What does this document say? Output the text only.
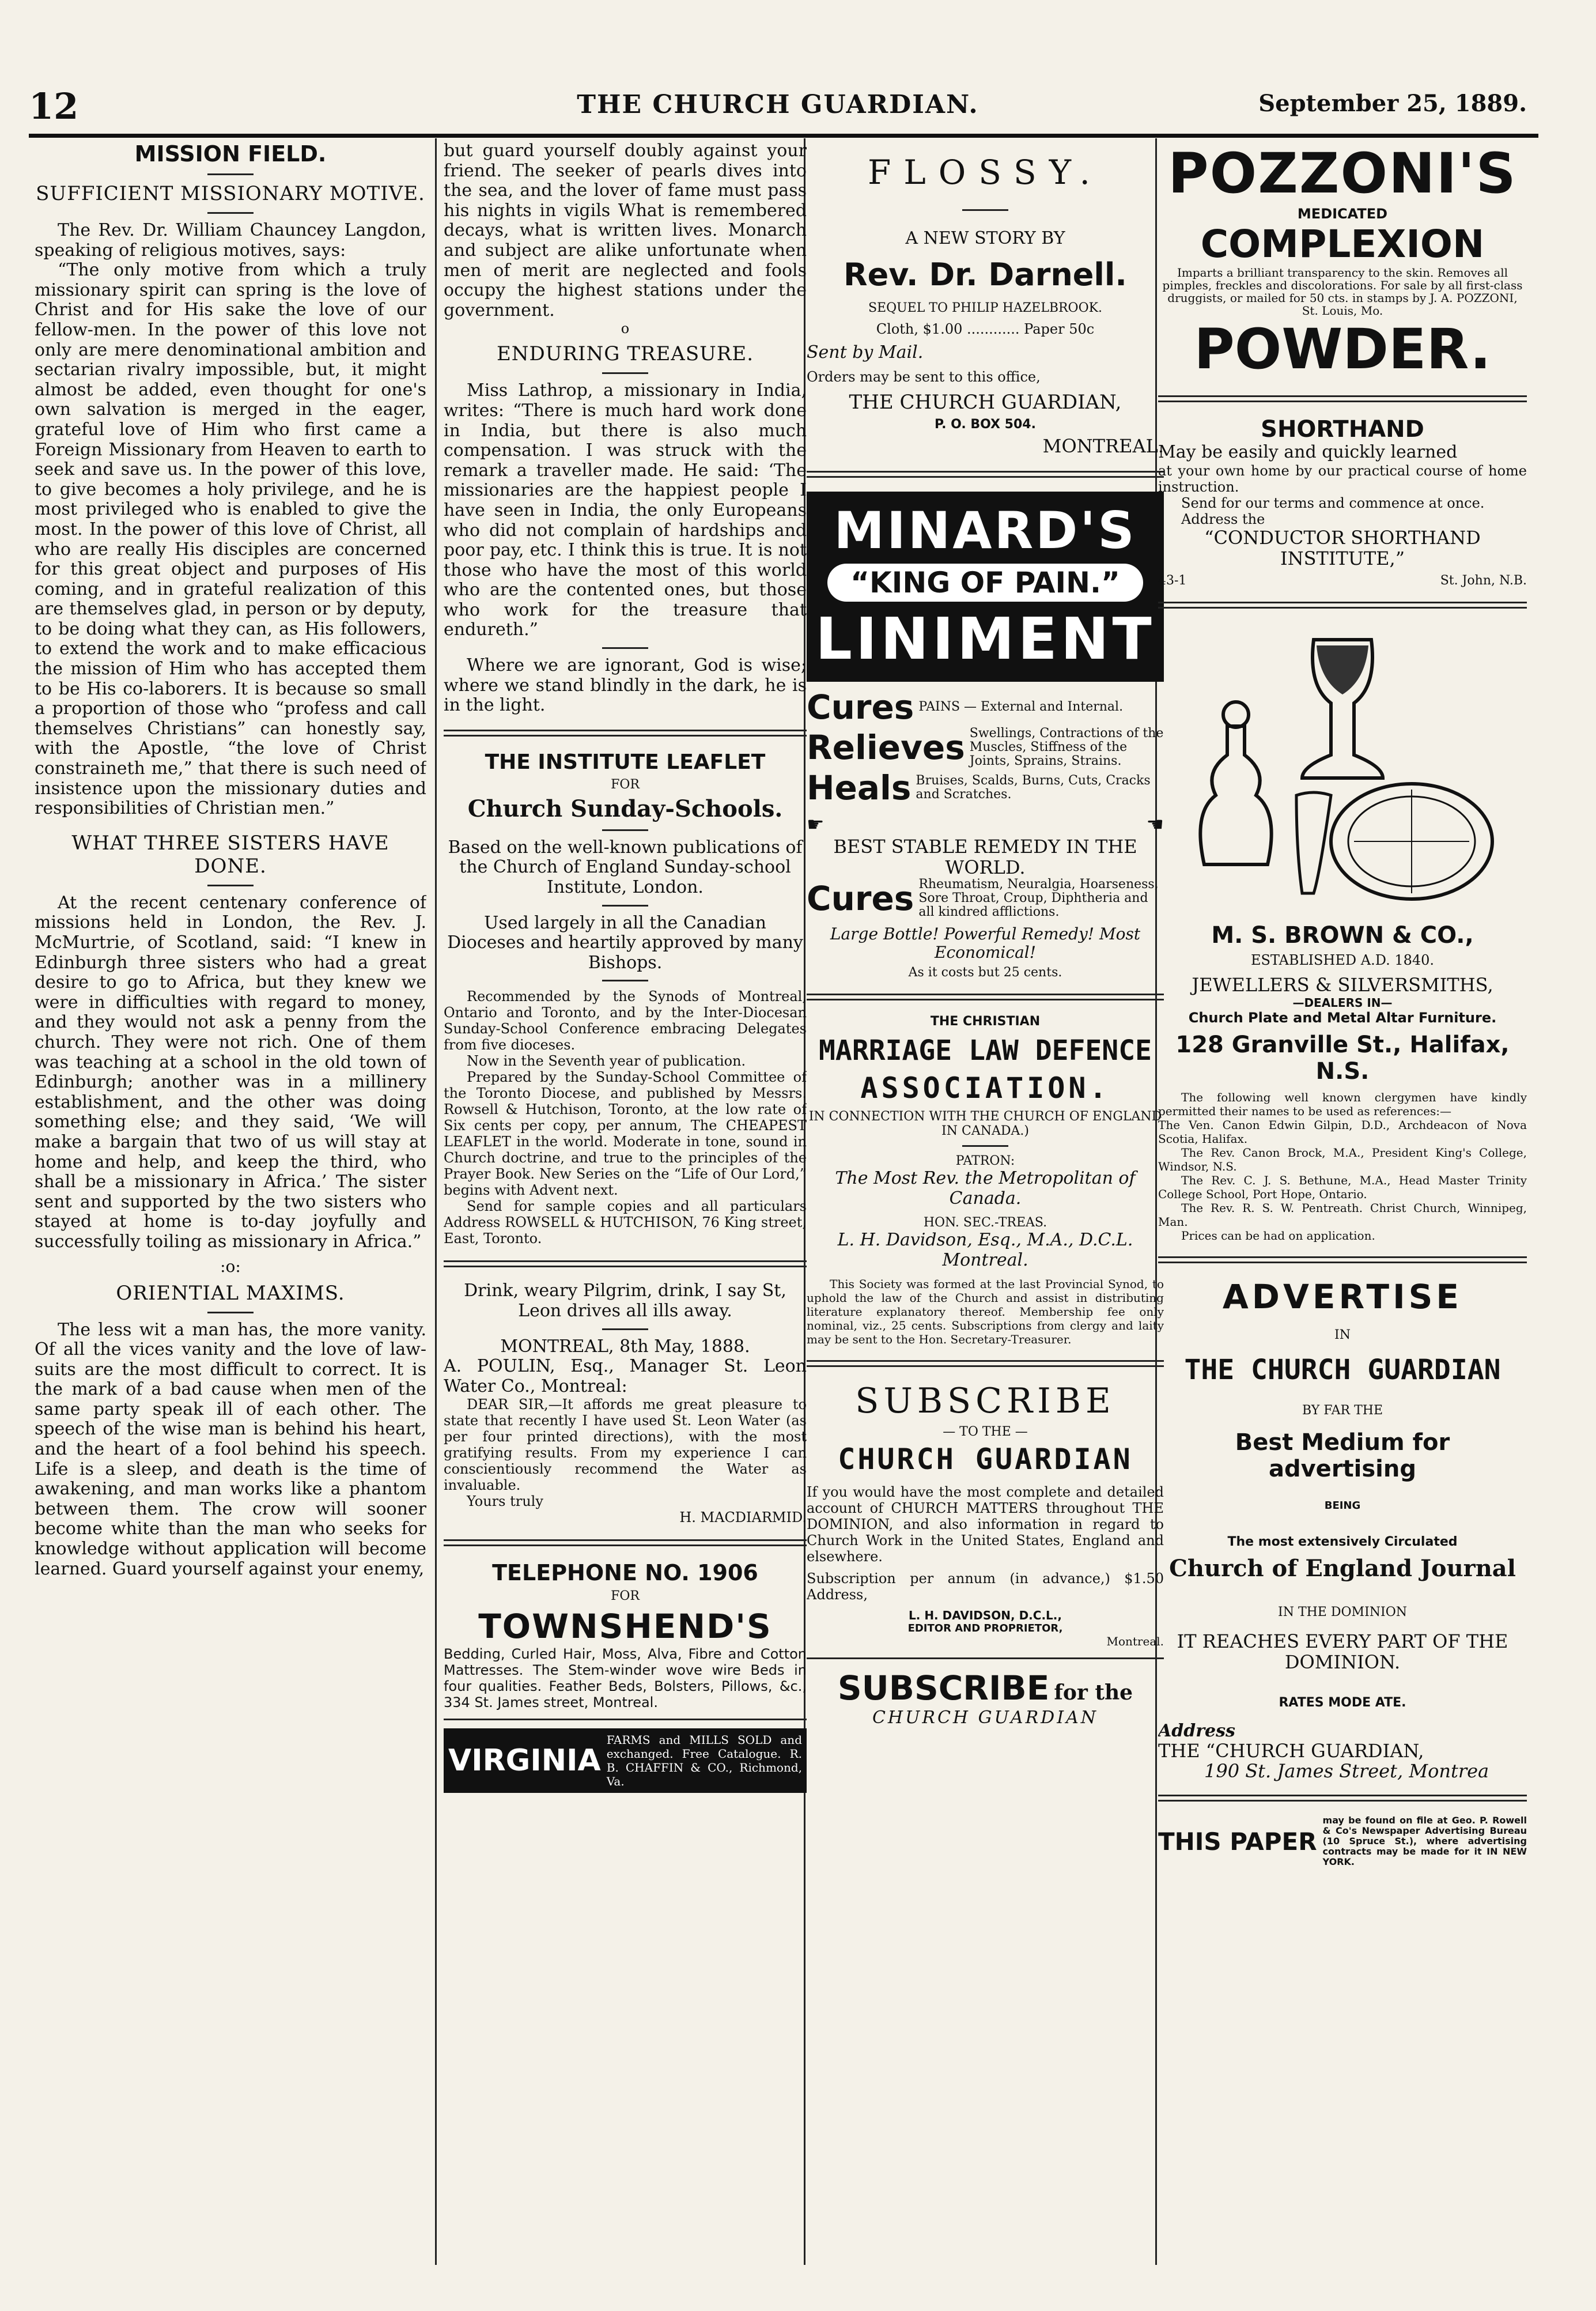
12	THE CHURCH GUARDIAN.	September 25, 1889.
MISSION FIELD.
SUFFICIENT MISSIONARY MOTIVE.

The Rev. Dr. William Chauncey Langdon, speaking of religious motives, says:

“The only motive from which a truly missionary spirit can spring is the love of Christ and for His sake the love of our fellow-men. In the power of this love not only are mere denominational ambition and sectarian rivalry impossible, but, it might almost be added, even thought for one's own salvation is merged in the eager, grateful love of Him who first came a Foreign Missionary from Heaven to earth to seek and save us. In the power of this love, to give becomes a holy privilege, and he is most privileged who is enabled to give the most. In the power of this love of Christ, all who are really His disciples are concerned for this great object and purposes of His coming, and in grateful realization of this are themselves glad, in person or by deputy, to be doing what they can, as His followers, to extend the work and to make efficacious the mission of Him who has accepted them to be His co-laborers. It is because so small a proportion of those who “profess and call themselves Christians” can honestly say, with the Apostle, “the love of Christ constraineth me,” that there is such need of insistence upon the missionary duties and responsibilities of Christian men.”

WHAT THREE SISTERS HAVE DONE.

At the recent centenary conference of missions held in London, the Rev. J. McMurtrie, of Scotland, said: “I knew in Edinburgh three sisters who had a great desire to go to Africa, but they knew we were in difficulties with regard to money, and they would not ask a penny from the church. They were not rich. One of them was teaching at a school in the old town of Edinburgh; another was in a millinery establishment, and the other was doing something else; and they said, ‘We will make a bargain that two of us will stay at home and help, and keep the third, who shall be a missionary in Africa.’ The sister sent and supported by the two sisters who stayed at home is to-day joyfully and successfully toiling as missionary in Africa.”

:o:
ORIENTIAL MAXIMS.

The less wit a man has, the more vanity. Of all the vices vanity and the love of law-suits are the most difficult to correct. It is the mark of a bad cause when men of the same party speak ill of each other. The speech of the wise man is behind his heart, and the heart of a fool behind his speech. Life is a sleep, and death is the time of awakening, and man works like a phantom between them. The crow will sooner become white than the man who seeks for knowledge without application will become learned. Guard yourself against your enemy,

but guard yourself doubly against your friend. The seeker of pearls dives into the sea, and the lover of fame must pass his nights in vigils What is remembered decays, what is written lives. Monarch and subject are alike unfortunate when men of merit are neglected and fools occupy the highest stations under the government.

o
ENDURING TREASURE.

Miss Lathrop, a missionary in India, writes: “There is much hard work done in India, but there is also much compensation. I was struck with the remark a traveller made. He said: ‘The missionaries are the happiest people I have seen in India, the only Europeans who did not complain of hardships and poor pay, etc. I think this is true. It is not those who have the most of this world who are the contented ones, but those who work for the treasure that endureth.”

Where we are ignorant, God is wise; where we stand blindly in the dark, he is in the light.

THE INSTITUTE LEAFLET
FOR
Church Sunday-Schools.

Based on the well-known publications of the Church of England Sunday-school Institute, London.

Used largely in all the Canadian Dioceses and heartily approved by many Bishops.

Recommended by the Synods of Montreal, Ontario and Toronto, and by the Inter-Diocesan Sunday-School Conference embracing Delegates from five dioceses.

Now in the Seventh year of publication.

Prepared by the Sunday-School Committee of the Toronto Diocese, and published by Messrs. Rowsell & Hutchison, Toronto, at the low rate of Six cents per copy, per annum, The CHEAPEST LEAFLET in the world. Moderate in tone, sound in Church doctrine, and true to the principles of the Prayer Book. New Series on the “Life of Our Lord,” begins with Advent next.

Send for sample copies and all particulars Address ROWSELL & HUTCHISON, 76 King street, East, Toronto.

Drink, weary Pilgrim, drink, I say St, Leon drives all ills away.

MONTREAL, 8th May, 1888.

A. POULIN, Esq., Manager St. Leon Water Co., Montreal:

DEAR SIR,—It affords me great pleasure to state that recently I have used St. Leon Water (as per four printed directions), with the most gratifying results. From my experience I can conscientiously recommend the Water as invaluable.

Yours truly

H. MACDIARMID.

TELEPHONE NO. 1906
FOR
TOWNSHEND'S

Bedding, Curled Hair, Moss, Alva, Fibre and Cotton Mattresses. The Stem-winder wove wire Beds in four qualities. Feather Beds, Bolsters, Pillows, &c., 334 St. James street, Montreal.

VIRGINIA
FARMS and MILLS SOLD and exchanged. Free Catalogue. R. B. CHAFFIN & CO., Richmond, Va.
FLOSSY.
A NEW STORY BY
Rev. Dr. Darnell.
SEQUEL TO PHILIP HAZELBROOK.
Cloth, $1.00 ............ Paper 50c

Sent by Mail.

Orders may be sent to this office,

THE CHURCH GUARDIAN,
P. O. BOX 504.
MONTREAL.
MINARD'S
“KING OF PAIN.”
LINIMENT
Cures PAINS — External and Internal.
Relieves Swellings, Contractions of the Muscles, Stiffness of the Joints, Sprains, Strains.
Heals Bruises, Scalds, Burns, Cuts, Cracks and Scratches.
☛	☚
BEST STABLE REMEDY IN THE WORLD.
Cures Rheumatism, Neuralgia, Hoarseness, Sore Throat, Croup, Diphtheria and all kindred afflictions.
Large Bottle! Powerful Remedy! Most Economical!
As it costs but 25 cents.
THE CHRISTIAN
MARRIAGE LAW DEFENCE
ASSOCIATION.
IN CONNECTION WITH THE CHURCH OF ENGLAND IN CANADA.)
PATRON:
The Most Rev. the Metropolitan of Canada.
HON. SEC.-TREAS.
L. H. Davidson, Esq., M.A., D.C.L. Montreal.

This Society was formed at the last Provincial Synod, to uphold the law of the Church and assist in distributing literature explanatory thereof. Membership fee only nominal, viz., 25 cents. Subscriptions from clergy and laity may be sent to the Hon. Secretary-Treasurer.

SUBSCRIBE
— TO THE —
CHURCH GUARDIAN

If you would have the most complete and detailed account of CHURCH MATTERS throughout THE DOMINION, and also information in regard to Church Work in the United States, England and elsewhere.

Subscription per annum (in advance,) $1.50 Address,

L. H. DAVIDSON, D.C.L.,
EDITOR AND PROPRIETOR,
Montreal.
SUBSCRIBE for the
CHURCH GUARDIAN
POZZONI'S
MEDICATED
COMPLEXION
Imparts a brilliant transparency to the skin. Removes all pimples, freckles and discolorations. For sale by all first-class druggists, or mailed for 50 cts. in stamps by J. A. POZZONI, St. Louis, Mo.
POWDER.
SHORTHAND

May be easily and quickly learned

at your own home by our practical course of home instruction.

Send for our terms and commence at once.

Address the

“CONDUCTOR SHORTHAND INSTITUTE,”
43-1	St. John, N.B.
M. S. BROWN & CO.,
ESTABLISHED A.D. 1840.
JEWELLERS & SILVERSMITHS,
—DEALERS IN—
Church Plate and Metal Altar Furniture.
128 Granville St., Halifax, N.S.

The following well known clergymen have kindly permitted their names to be used as references:—

The Ven. Canon Edwin Gilpin, D.D., Archdeacon of Nova Scotia, Halifax.

The Rev. Canon Brock, M.A., President King's College, Windsor, N.S.

The Rev. C. J. S. Bethune, M.A., Head Master Trinity College School, Port Hope, Ontario.

The Rev. R. S. W. Pentreath. Christ Church, Winnipeg, Man.

Prices can be had on application.

ADVERTISE
IN
THE CHURCH GUARDIAN
BY FAR THE
Best Medium for advertising
BEING
The most extensively Circulated
Church of England Journal
IN THE DOMINION
IT REACHES EVERY PART OF THE DOMINION.
RATES MODE ATE.

Address

THE “CHURCH GUARDIAN,

190 St. James Street, Montrea

THIS PAPER
may be found on file at Geo. P. Rowell & Co's Newspaper Advertising Bureau (10 Spruce St.), where advertising contracts may be made for it IN NEW YORK.
